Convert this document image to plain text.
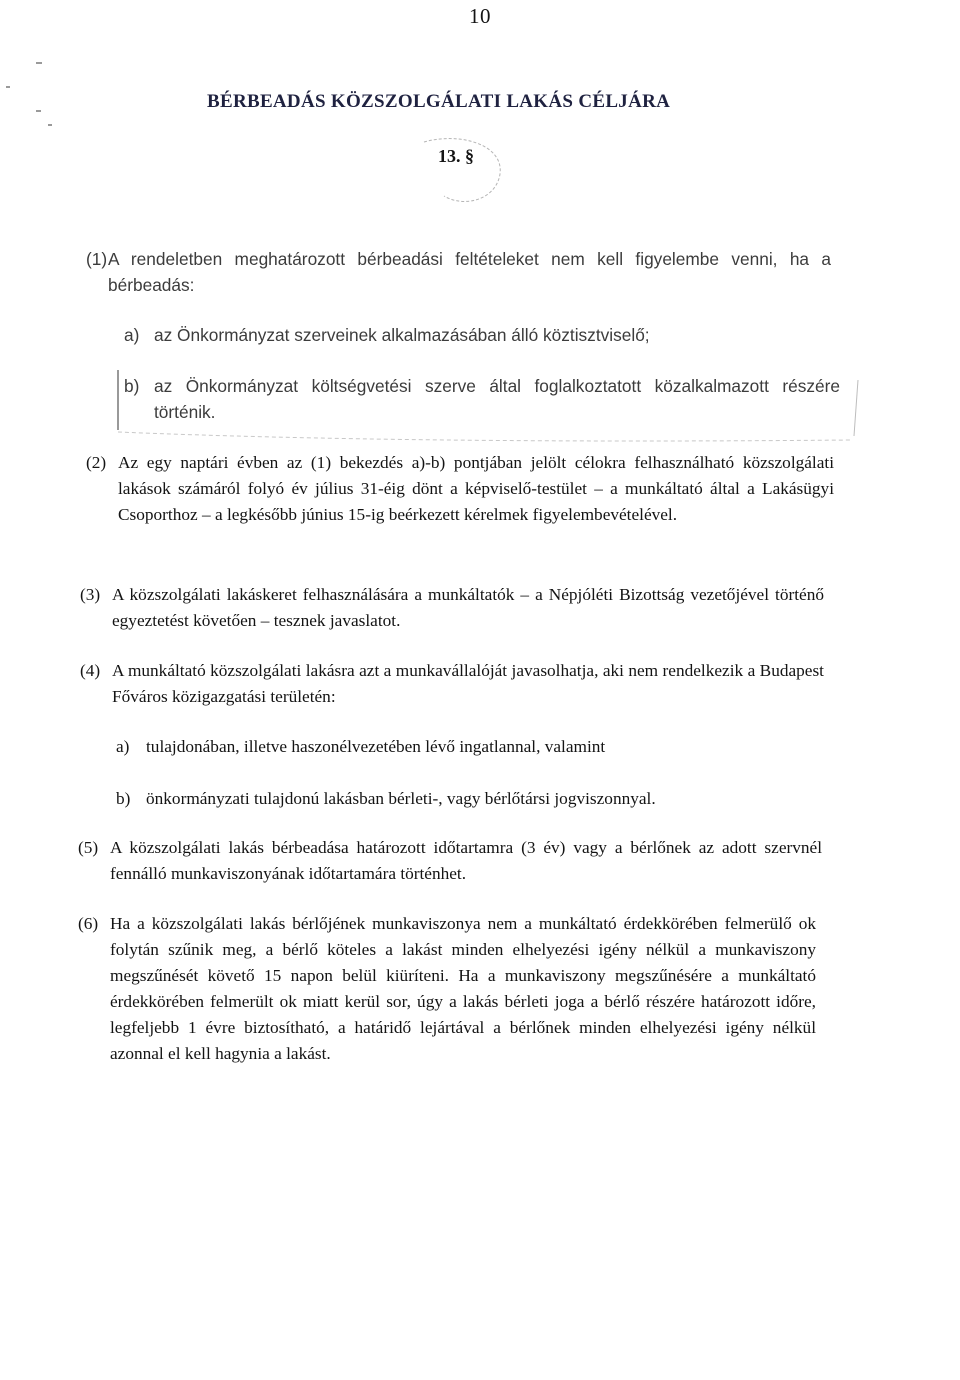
10
BÉRBEADÁS KÖZSZOLGÁLATI LAKÁS CÉLJÁRA
13. §
(1) A rendeletben meghatározott bérbeadási feltételeket nem kell figyelembe venni, ha a bérbeadás:
a) az Önkormányzat szerveinek alkalmazásában álló köztisztviselő;
b) az Önkormányzat költségvetési szerve által foglalkoztatott közalkalmazott részére történik.
(2) Az egy naptári évben az (1) bekezdés a)-b) pontjában jelölt célokra felhasználható közszolgálati lakások számáról folyó év július 31-éig dönt a képviselő-testület – a munkáltató által a Lakásügyi Csoporthoz – a legkésőbb június 15-ig beérkezett kérelmek figyelembevételével.
(3) A közszolgálati lakáskeret felhasználására a munkáltatók – a Népjóléti Bizottság vezetőjével történő egyeztetést követően – tesznek javaslatot.
(4) A munkáltató közszolgálati lakásra azt a munkavállalóját javasolhatja, aki nem rendelkezik a Budapest Főváros közigazgatási területén:
a) tulajdonában, illetve haszonélvezetében lévő ingatlannal, valamint
b) önkormányzati tulajdonú lakásban bérleti-, vagy bérlőtársi jogviszonnyal.
(5) A közszolgálati lakás bérbeadása határozott időtartamra (3 év) vagy a bérlőnek az adott szervnél fennálló munkaviszonyának időtartamára történhet.
(6) Ha a közszolgálati lakás bérlőjének munkaviszonya nem a munkáltató érdekkörében felmerülő ok folytán szűnik meg, a bérlő köteles a lakást minden elhelyezési igény nélkül a munkaviszony megszűnését követő 15 napon belül kiüríteni. Ha a munkaviszony megszűnésére a munkáltató érdekkörében felmerült ok miatt kerül sor, úgy a lakás bérleti joga a bérlő részére határozott időre, legfeljebb 1 évre biztosítható, a határidő lejártával a bérlőnek minden elhelyezési igény nélkül azonnal el kell hagynia a lakást.
